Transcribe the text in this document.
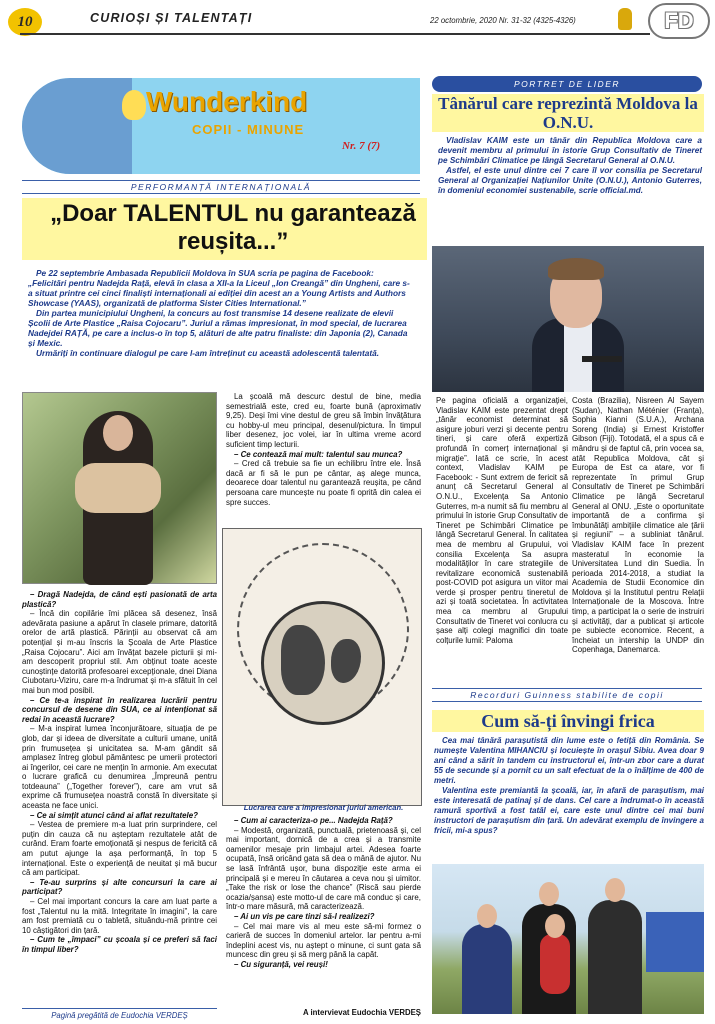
10	CURIOȘI ȘI TALENTAȚI	22 octombrie, 2020 Nr. 31-32 (4325-4326)	FD
Wunderkind
COPII - MINUNE
Nr. 7 (7)
PERFORMANȚĂ INTERNAȚIONALĂ
„Doar TALENTUL nu garantează reușita...”

Pe 22 septembrie Ambasada Republicii Moldova în SUA scria pe pagina de Facebook: „Felicitări pentru Nadejda Rață, elevă în clasa a XII-a la Liceul „Ion Creangă” din Ungheni, care s-a situat printre cei cinci finaliști internaționali ai ediției din acest an a Young Artists and Authors Showcase (YAAS), organizată de platforma Sister Cities International.”

Din partea municipiului Ungheni, la concurs au fost transmise 14 desene realizate de elevii Școlii de Arte Plastice „Raisa Cojocaru”. Juriul a rămas impresionat, în mod special, de lucrarea Nadejdei RAȚĂ, pe care a inclus-o în top 5, alături de alte patru finaliste: din Japonia (2), Canada și Mexic.

Urmăriți în continuare dialogul pe care l-am întreținut cu această adolescentă talentată.

– Dragă Nadejda, de când ești pasionată de arta plastică?

– Încă din copilărie îmi plăcea să desenez, însă adevărata pasiune a apărut în clasele primare, datorită orelor de artă plastică. Părinții au observat că am potențial și m-au înscris la Școala de Arte Plastice „Raisa Cojocaru”. Aici am învățat bazele picturii și mi-am descoperit propriul stil. Am obținut toate aceste cunoștințe datorită profesoarei excepționale, dnei Diana Ciubotaru-Viziru, care m-a îndrumat și m-a sfătuit în cel mai bun mod posibil.

– Ce te-a inspirat în realizarea lucrării pentru concursul de desene din SUA, ce ai intenționat să redai în această lucrare?

– M-a inspirat lumea înconjurătoare, situația de pe glob, dar și ideea de diversitate a culturii umane, unită prin frumusețea și unicitatea sa. M-am gândit să amplasez întreg globul pământesc pe umerii protectori ai îngerilor, cei care ne mențin în armonie. Am executat o lucrare grafică cu denumirea „Împreună pentru totdeauna” („Together forever”), care am vrut să exprime că frumusețea noastră constă în diversitate și aceasta ne face unici.

– Ce ai simțit atunci când ai aflat rezultatele?

– Vestea de premiere m-a luat prin surprindere, cel puțin din cauza că nu așteptam rezultatele atât de curând. Eram foarte emoționată și nespus de fericită că am putut ajunge la așa performanță, în top 5 internațional. Este o experiență de neuitat și mă bucur că am participat.

– Te-au surprins și alte concursuri la care ai participat?

– Cel mai important concurs la care am luat parte a fost „Talentul nu la mită. Integritate în imagini”, la care am fost premiată cu o tabletă, situându-mă printre cei 10 câștigători din țară.

– Cum te „împaci” cu școala și ce preferi să faci în timpul liber?

La școală mă descurc destul de bine, media semestrială este, cred eu, foarte bună (aproximativ 9,25). Deși îmi vine destul de greu să îmbin învățătura cu hobby-ul meu principal, desenul/pictura. În timpul liber desenez, joc volei, iar în ultima vreme acord suficient timp lecturii.

– Ce contează mai mult: talentul sau munca?

– Cred că trebuie sa fie un echilibru între ele. Însă dacă ar fi să le pun pe cântar, aș alege munca, deoarece doar talentul nu garantează reușita, pe când persoana care muncește nu poate fi oprită din calea ei spre succes.

Lucrarea care a impresionat juriul american.

– Cum ai caracteriza-o pe... Nadejda Rață?

– Modestă, organizată, punctuală, prietenoasă și, cel mai important, dornică de a crea și a transmite oamenilor mesaje prin limbajul artei. Adesea foarte ocupată, însă oricând gata să dea o mână de ajutor. Nu se lasă înfrântă ușor, buna dispoziție este arma ei principală și e mereu în căutarea a ceva nou și uimitor. „Take the risk or lose the chance” (Riscă sau pierde ocazia/șansa) este motto-ul de care mă conduc și care, într-o mare măsură, mă caracterizează.

– Ai un vis pe care tinzi să-l realizezi?

– Cel mai mare vis al meu este să-mi formez o carieră de succes în domeniul artelor. Iar pentru a-mi îndeplini acest vis, nu aștept o minune, ci sunt gata să muncesc din greu și să merg până la capăt.

– Cu siguranță, vei reuși!

A intervievat Eudochia VERDEȘ
PORTRET DE LIDER
Tânărul care reprezintă Moldova la O.N.U.

Vladislav KAIM este un tânăr din Republica Moldova care a devenit membru al primului în istorie Grup Consultativ de Tineret pe Schimbări Climatice pe lângă Secretarul General al O.N.U.

Astfel, el este unul dintre cei 7 care îl vor consilia pe Secretarul General al Organizației Națiunilor Unite (O.N.U.), Antonio Guterres, în domeniul economiei sustenabile, scrie official.md.

Pe pagina oficială a organizației, Vladislav KAIM este prezentat drept „tânăr economist determinat să asigure joburi verzi și decente pentru tineri, și care oferă expertiză profundă în comerț internațional și migrație”. Iată ce scrie, în acest context, Vladislav KAIM pe Facebook: - Sunt extrem de fericit să anunț că Secretarul General al O.N.U., Excelența Sa Antonio Guterres, m-a numit să fiu membru al primului în istorie Grup Consultativ de Tineret pe Schimbări Climatice pe lângă Secretarul General. În calitatea mea de membru al Grupului, voi consilia Excelența Sa asupra modalităților în care strategiile de revitalizare economică sustenabilă post-COVID pot asigura un viitor mai verde și prosper pentru tineretul de azi și toată societatea. În activitatea mea ca membru al Grupului Consultativ de Tineret voi conlucra cu șase alți colegi magnifici din toate colțurile lumii: Paloma
Costa (Brazilia), Nisreen Al Sayem (Sudan), Nathan Méténier (Franța), Sophia Kianni (S.U.A.), Archana Soreng (India) și Ernest Kristoffer Gibson (Fiji). Totodată, el a spus că e mândru și de faptul că, prin vocea sa, atât Republica Moldova, cât și Europa de Est ca atare, vor fi reprezentate în primul Grup Consultativ de Tineret pe Schimbări Climatice pe lângă Secretarul General al ONU. „Este o oportunitate importantă de a confirma și îmbunătăți ambițiile climatice ale țării și regiunii” – a subliniat tânărul. Vladislav KAIM face în prezent masteratul în economie la Universitatea Lund din Suedia. În perioada 2014-2018, a studiat la Academia de Studii Economice din Moldova și la Institutul pentru Relații Internaționale de la Moscova. Între timp, a participat la o serie de instruiri și activități, dar a publicat și articole pe subiecte economice. Recent, a încheiat un intership la UNDP din Copenhaga, Danemarca.
Recorduri Guinness stabilite de copii
Cum să-ți învingi frica

Cea mai tânără parașutistă din lume este o fetiță din România. Se numește Valentina MIHANCIU și locuiește în orașul Sibiu. Avea doar 9 ani când a sărit în tandem cu instructorul ei, într-un zbor care a durat 55 de secunde și a pornit cu un salt efectuat de la o înălțime de 400 de metri.

Valentina este premiantă la școală, iar, în afară de parașutism, mai este interesată de patinaj și de dans. Cel care a îndrumat-o în această ramură sportivă a fost tatăl ei, care este unul dintre cei mai buni instructori de parașutism din țară. Un adevărat exemplu de învingere a fricii, mi-a spus?

Pagină pregătită de Eudochia VERDEȘ
